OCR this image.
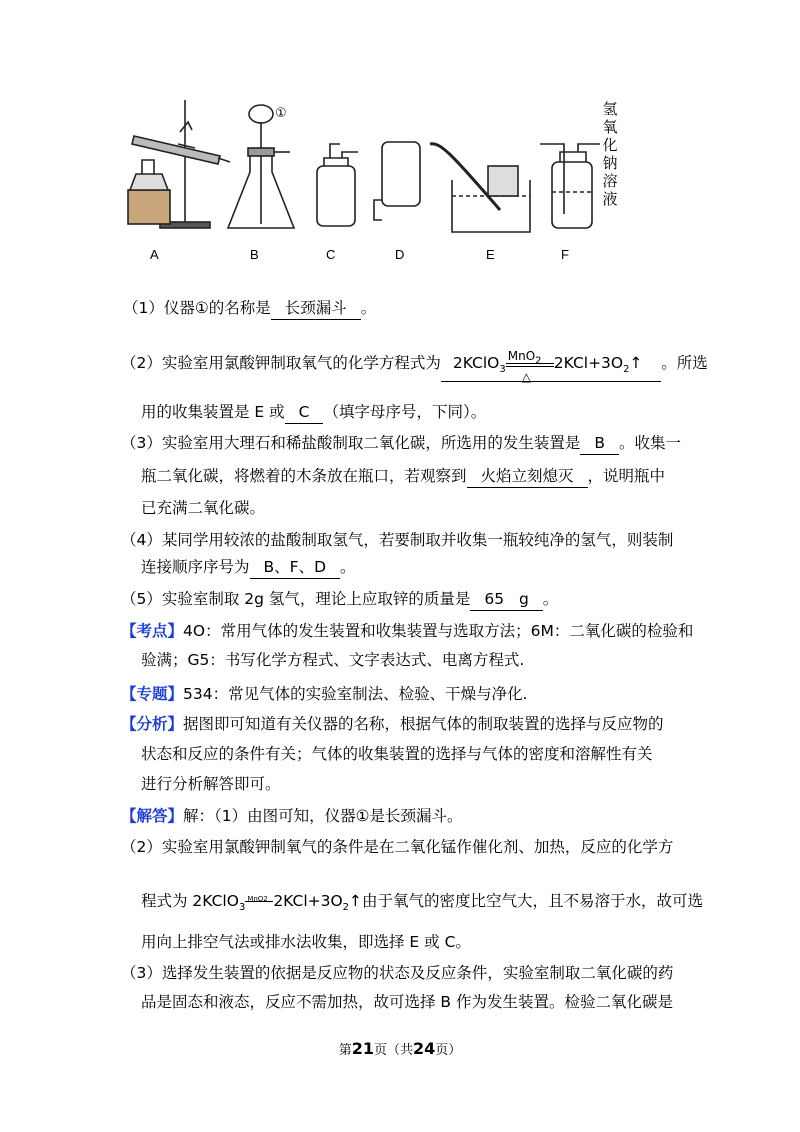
①	氢
氧
化
钠
溶
液
A	B	C	D	E	F
（1）仪器①的名称是 长颈漏斗 。
（2）实验室用氯酸钾制取氧气的化学方程式为 2KClO$_3$
MnO$_2$
△
$2KCl+3O_2↑$ 。所选
用的收集装置是 E 或 C （填字母序号，下同）。
（3）实验室用大理石和稀盐酸制取二氧化碳，所选用的发生装置是 B 。收集一
瓶二氧化碳，将燃着的木条放在瓶口，若观察到 火焰立刻熄灭 ，说明瓶中
已充满二氧化碳。
（4）某同学用较浓的盐酸制取氢气，若要制取并收集一瓶较纯净的氢气，则装制
连接顺序序号为 B、F、D 。
（5）实验室制取 2g 氢气，理论上应取锌的质量是 65 g 。
【考点】4O：常用气体的发生装置和收集装置与选取方法；6M：二氧化碳的检验和
验满；G5：书写化学方程式、文字表达式、电离方程式.
【专题】534：常见气体的实验室制法、检验、干燥与净化.
【分析】据图即可知道有关仪器的名称，根据气体的制取装置的选择与反应物的
状态和反应的条件有关；气体的收集装置的选择与气体的密度和溶解性有关
进行分析解答即可。
【解答】解：（1）由图可知，仪器①是长颈漏斗。
（2）实验室用氯酸钾制氧气的条件是在二氧化锰作催化剂、加热，反应的化学方
程式为 2KClO$_3$
MnO2 $2KCl+3O_2↑$由于氧气的密度比空气大，且不易溶于水，故可选
用向上排空气法或排水法收集，即选择 E 或 C。
（3）选择发生装置的依据是反应物的状态及反应条件，实验室制取二氧化碳的药
品是固态和液态，反应不需加热，故可选择 B 作为发生装置。检验二氧化碳是
第21页（共24页）
